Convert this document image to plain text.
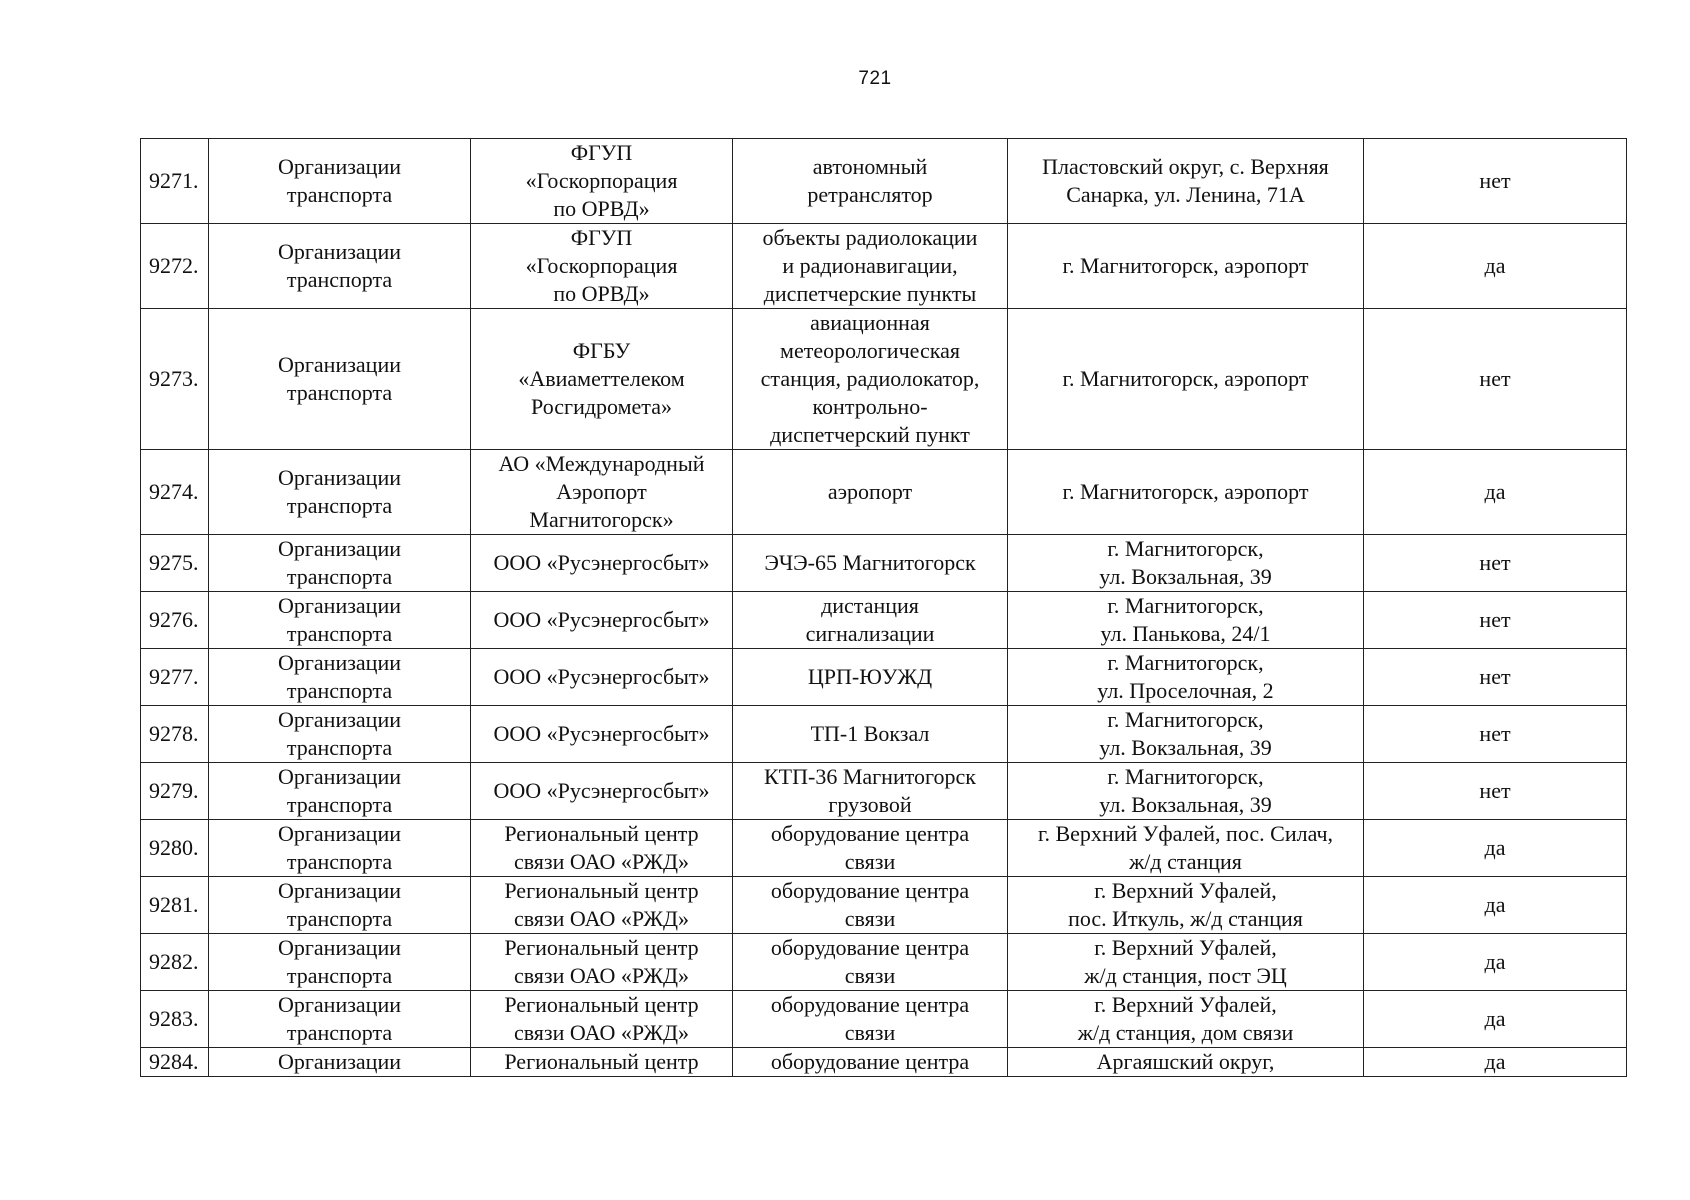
721
9271.	Организации
транспорта	ФГУП
«Госкорпорация
по ОРВД»	автономный
ретранслятор	Пластовский округ, с. Верхняя
Санарка, ул. Ленина, 71А	нет
9272.	Организации
транспорта	ФГУП
«Госкорпорация
по ОРВД»	объекты радиолокации
и радионавигации,
диспетчерские пункты	г. Магнитогорск, аэропорт	да
9273.	Организации
транспорта	ФГБУ
«Авиаметтелеком
Росгидромета»	авиационная
метеорологическая
станция, радиолокатор,
контрольно-
диспетчерский пункт	г. Магнитогорск, аэропорт	нет
9274.	Организации
транспорта	АО «Международный
Аэропорт
Магнитогорск»	аэропорт	г. Магнитогорск, аэропорт	да
9275.	Организации
транспорта	ООО «Русэнергосбыт»	ЭЧЭ-65 Магнитогорск	г. Магнитогорск,
ул. Вокзальная, 39	нет
9276.	Организации
транспорта	ООО «Русэнергосбыт»	дистанция
сигнализации	г. Магнитогорск,
ул. Панькова, 24/1	нет
9277.	Организации
транспорта	ООО «Русэнергосбыт»	ЦРП-ЮУЖД	г. Магнитогорск,
ул. Проселочная, 2	нет
9278.	Организации
транспорта	ООО «Русэнергосбыт»	ТП-1 Вокзал	г. Магнитогорск,
ул. Вокзальная, 39	нет
9279.	Организации
транспорта	ООО «Русэнергосбыт»	КТП-36 Магнитогорск
грузовой	г. Магнитогорск,
ул. Вокзальная, 39	нет
9280.	Организации
транспорта	Региональный центр
связи ОАО «РЖД»	оборудование центра
связи	г. Верхний Уфалей, пос. Силач,
ж/д станция	да
9281.	Организации
транспорта	Региональный центр
связи ОАО «РЖД»	оборудование центра
связи	г. Верхний Уфалей,
пос. Иткуль, ж/д станция	да
9282.	Организации
транспорта	Региональный центр
связи ОАО «РЖД»	оборудование центра
связи	г. Верхний Уфалей,
ж/д станция, пост ЭЦ	да
9283.	Организации
транспорта	Региональный центр
связи ОАО «РЖД»	оборудование центра
связи	г. Верхний Уфалей,
ж/д станция, дом связи	да
9284.	Организации	Региональный центр	оборудование центра	Аргаяшский округ,	да
